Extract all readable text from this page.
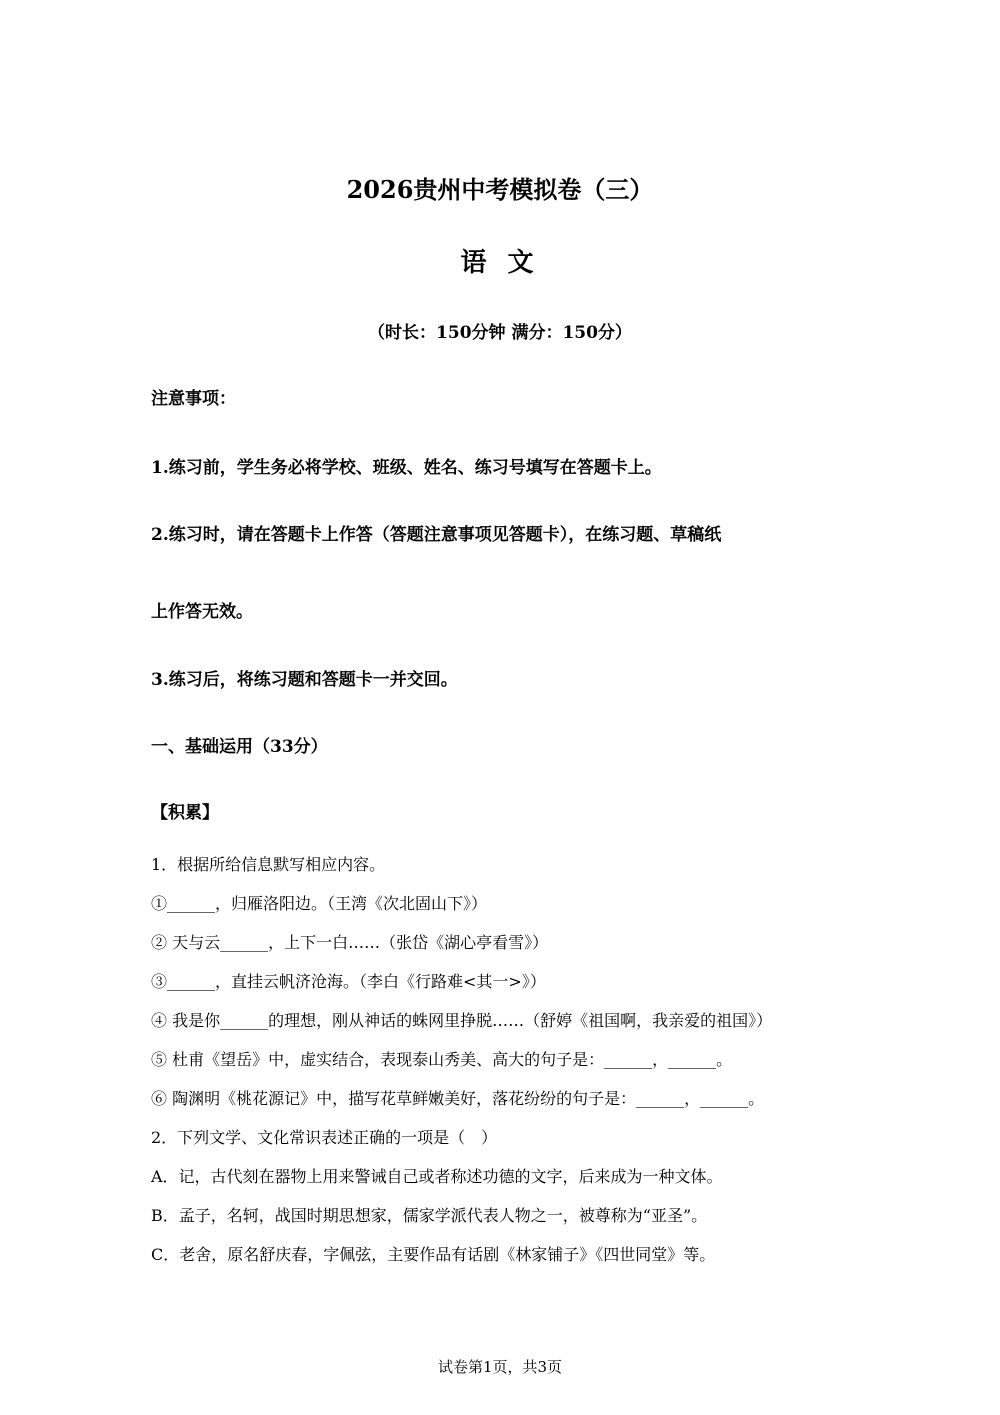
2026贵州中考模拟卷（三）
语 文
（时长：150分钟 满分：150分）
注意事项：
1.练习前，学生务必将学校、班级、姓名、练习号填写在答题卡上。
2.练习时，请在答题卡上作答（答题注意事项见答题卡），在练习题、草稿纸
上作答无效。
3.练习后，将练习题和答题卡一并交回。
一、基础运用（33分）
【积累】
1．根据所给信息默写相应内容。
①______，归雁洛阳边。（王湾《次北固山下》）
② 天与云______，上下一白……（张岱《湖心亭看雪》）
③______，直挂云帆济沧海。（李白《行路难<其一>》）
④ 我是你______的理想，刚从神话的蛛网里挣脱……（舒婷《祖国啊，我亲爱的祖国》）
⑤ 杜甫《望岳》中，虚实结合，表现泰山秀美、高大的句子是：______，______。
⑥ 陶渊明《桃花源记》中，描写花草鲜嫩美好，落花纷纷的句子是：______，______。
2．下列文学、文化常识表述正确的一项是（　）
A．记，古代刻在器物上用来警诫自己或者称述功德的文字，后来成为一种文体。
B．孟子，名轲，战国时期思想家，儒家学派代表人物之一，被尊称为“亚圣”。
C．老舍，原名舒庆春，字佩弦，主要作品有话剧《林家铺子》《四世同堂》等。
试卷第1页，共3页
